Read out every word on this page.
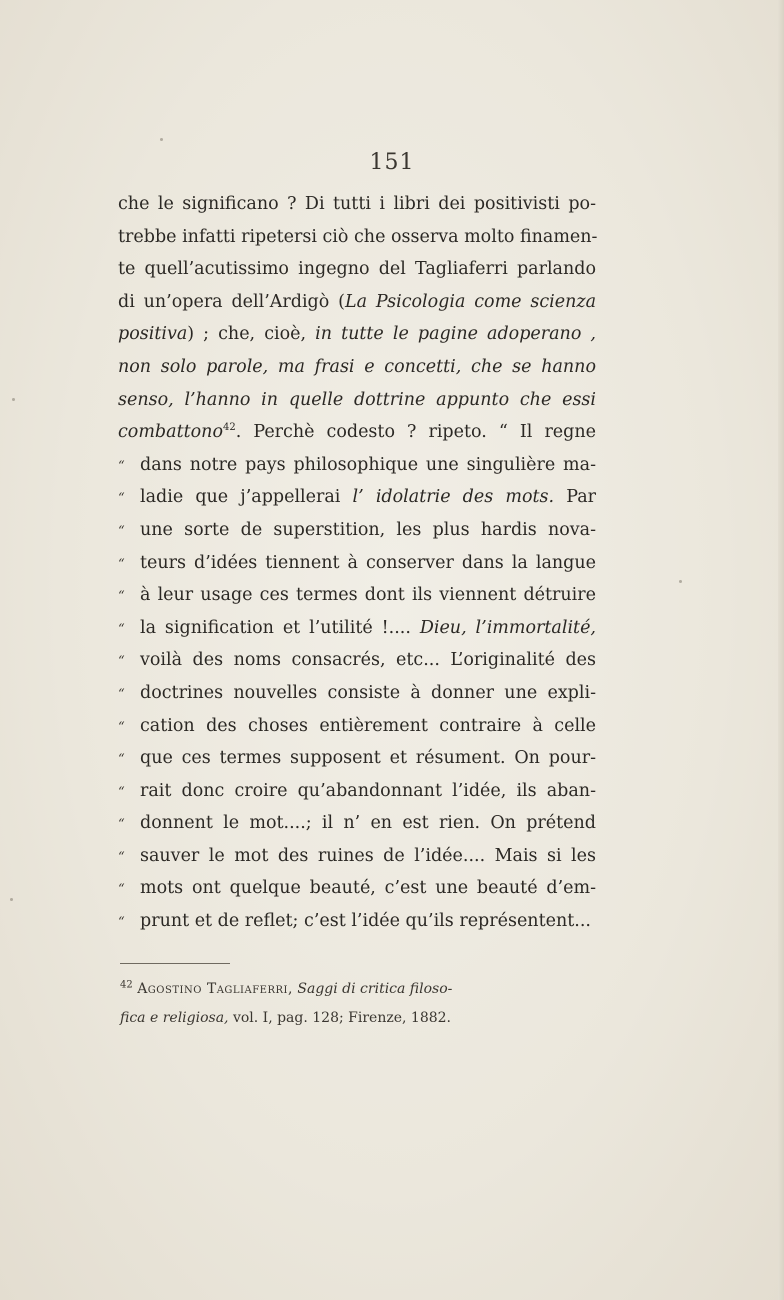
151
che le significano ? Di tutti i libri dei positivisti po-
trebbe infatti ripetersi ciò che osserva molto finamen-
te quell’acutissimo ingegno del Tagliaferri parlando
di un’opera dell’Ardigò (La Psicologia come scienza
positiva) ; che, cioè, in tutte le pagine adoperano ,
non solo parole, ma frasi e concetti, che se hanno
senso, l’hanno in quelle dottrine appunto che essi
combattono$^{42}$. Perchè codesto ? ripeto. “ Il regne
“ dans notre pays philosophique une singulière ma-
“ ladie que j’appellerai l’ idolatrie des mots. Par
“ une sorte de superstition, les plus hardis nova-
“ teurs d’idées tiennent à conserver dans la langue
“ à leur usage ces termes dont ils viennent détruire
“ la signification et l’utilité !.... Dieu, l’immortalité,
“ voilà des noms consacrés, etc... L’originalité des
“ doctrines nouvelles consiste à donner une expli-
“ cation des choses entièrement contraire à celle
“ que ces termes supposent et résument. On pour-
“ rait donc croire qu’abandonnant l’idée, ils aban-
“ donnent le mot....; il n’ en est rien. On prétend
“ sauver le mot des ruines de l’idée.... Mais si les
“ mots ont quelque beauté, c’est une beauté d’em-
“ prunt et de reflet; c’est l’idée qu’ils représentent...
$^{42}$ Agostino Tagliaferri, Saggi di critica filoso-
fica e religiosa, vol. I, pag. 128; Firenze, 1882.
